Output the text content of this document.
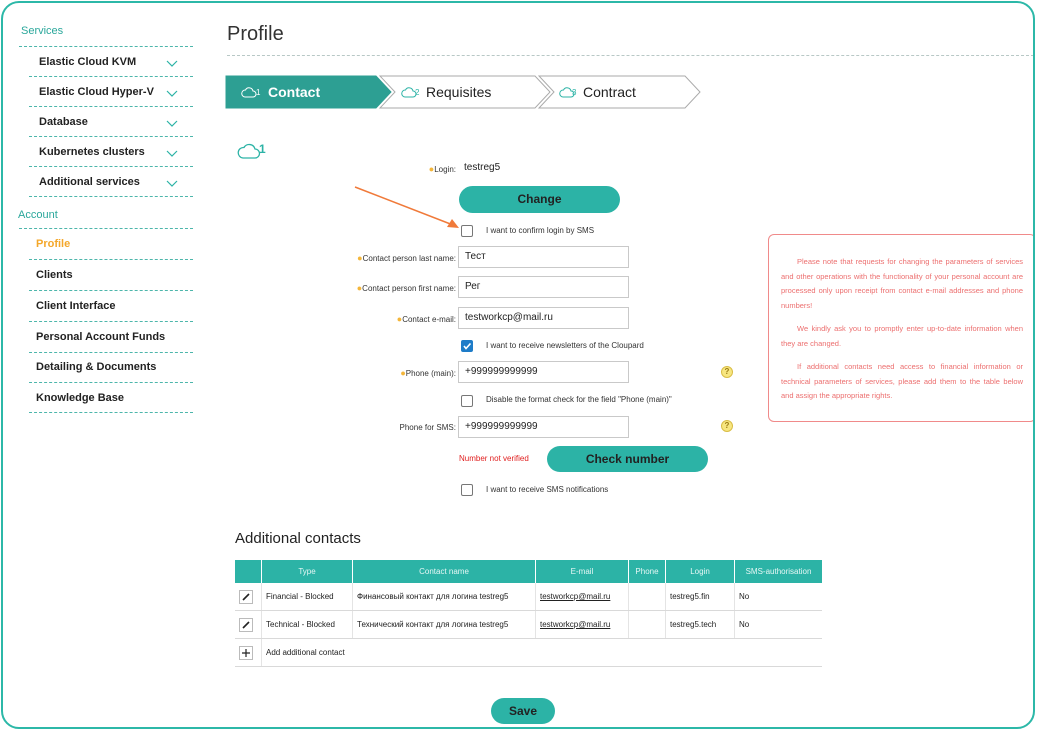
Services
Elastic Cloud KVM
Elastic Cloud Hyper-V
Database
Kubernetes clusters
Additional services
Account
Profile
Clients
Client Interface
Personal Account Funds
Detailing & Documents
Knowledge Base
Profile
1 Contact	2 Requisites	3 Contract
1
●Login: testreg5
Change
I want to confirm login by SMS
●Contact person last name: Тест
●Contact person first name: Рег
●Contact e-mail: testworkcp@mail.ru
I want to receive newsletters of the Cloupard
●Phone (main): +999999999999	?
Disable the format check for the field "Phone (main)"
Phone for SMS: +999999999999	?
Number not verified	Check number
I want to receive SMS notifications

Please note that requests for changing the parameters of services and other operations with the functionality of your personal account are processed only upon receipt from contact e-mail addresses and phone numbers!

We kindly ask you to promptly enter up-to-date information when they are changed.

If additional contacts need access to financial information or technical parameters of services, please add them to the table below and assign the appropriate rights.

Additional contacts
	Type	Contact name	E-mail	Phone	Login	SMS-authorisation

	Financial - Blocked	Финансовый контакт для логина testreg5	testworkcp@mail.ru		testreg5.fin	No

	Technical - Blocked	Технический контакт для логина testreg5	testworkcp@mail.ru		testreg5.tech	No

	Add additional contact					
Save
